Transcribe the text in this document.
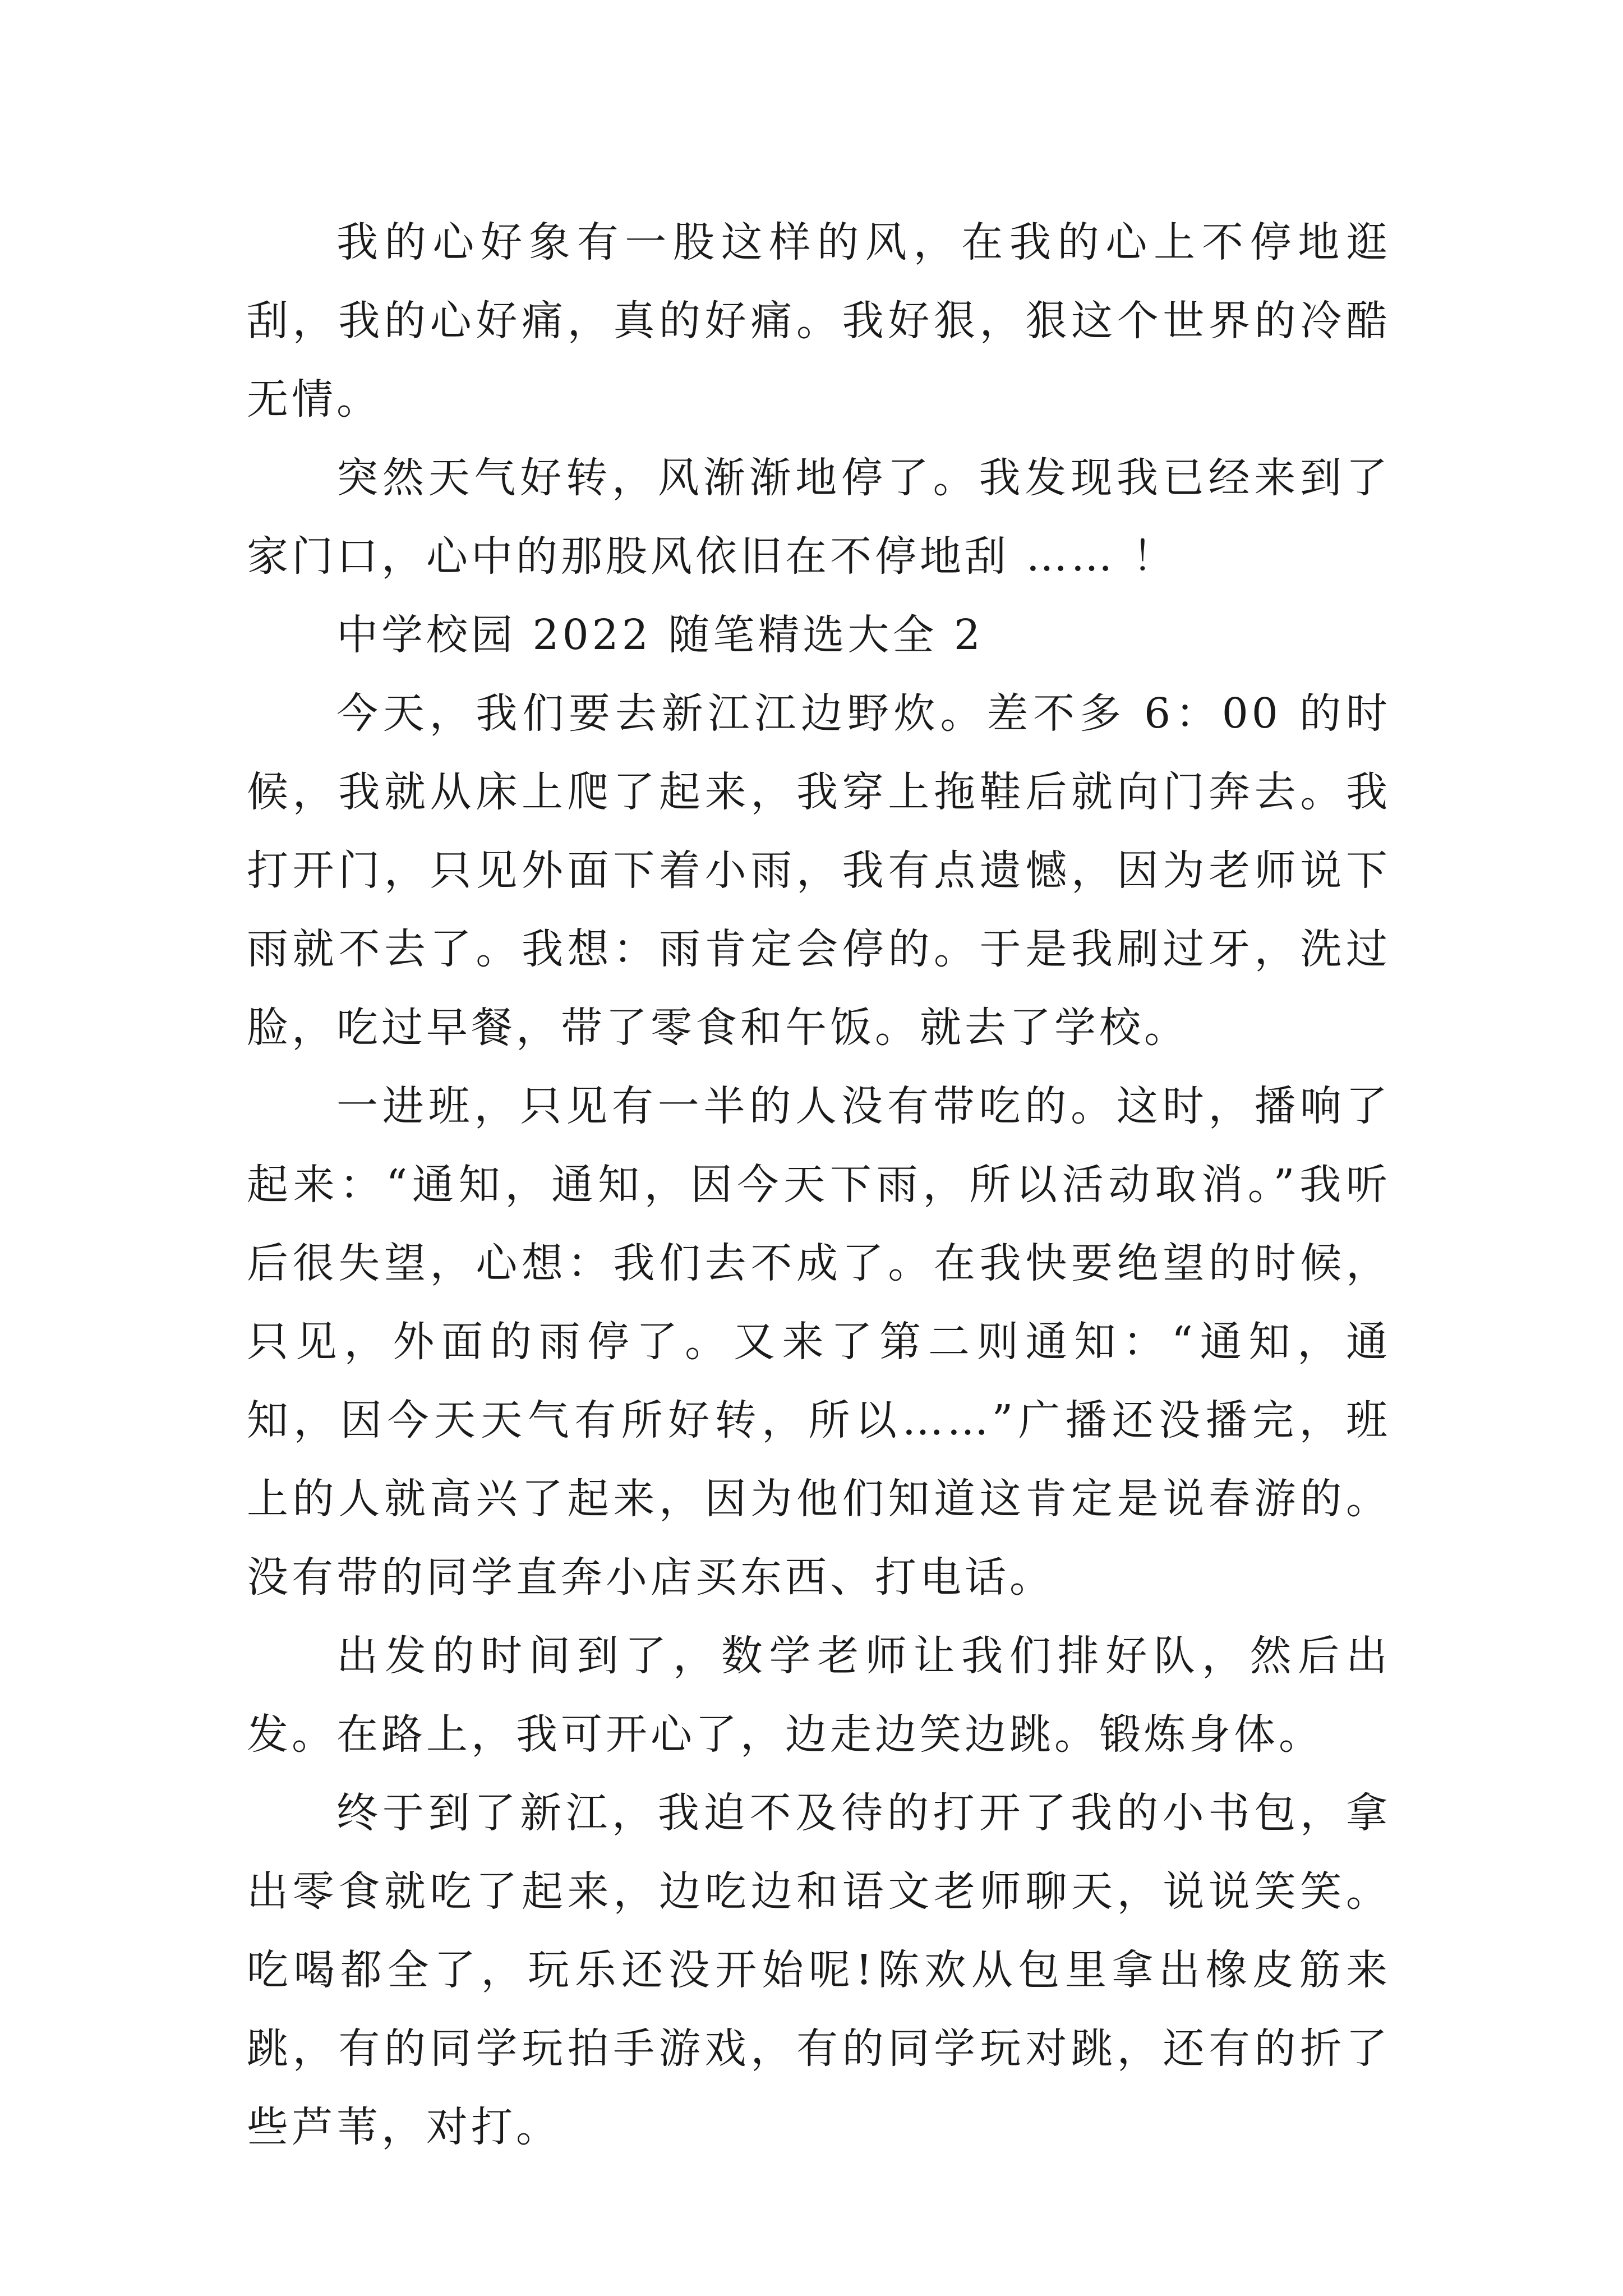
我的心好象有一股这样的风，在我的心上不停地逛刮，我的心好痛，真的好痛。我好狠，狠这个世界的冷酷无情。

突然天气好转，风渐渐地停了。我发现我已经来到了家门口，心中的那股风依旧在不停地刮 …… ！

中学校园 2022 随笔精选大全 2

今天，我们要去新江江边野炊。差不多 6：00 的时候，我就从床上爬了起来，我穿上拖鞋后就向门奔去。我打开门，只见外面下着小雨，我有点遗憾，因为老师说下雨就不去了。我想：雨肯定会停的。于是我刷过牙，洗过脸，吃过早餐，带了零食和午饭。就去了学校。

一进班，只见有一半的人没有带吃的。这时，播响了起来：“通知，通知，因今天下雨，所以活动取消。”我听后很失望，心想：我们去不成了。在我快要绝望的时候，只见，外面的雨停了。又来了第二则通知：“通知，通知，因今天天气有所好转，所以……”广播还没播完，班上的人就高兴了起来，因为他们知道这肯定是说春游的。没有带的同学直奔小店买东西、打电话。

出发的时间到了，数学老师让我们排好队，然后出发。在路上，我可开心了，边走边笑边跳。锻炼身体。

终于到了新江，我迫不及待的打开了我的小书包，拿出零食就吃了起来，边吃边和语文老师聊天，说说笑笑。吃喝都全了，玩乐还没开始呢!陈欢从包里拿出橡皮筋来跳，有的同学玩拍手游戏，有的同学玩对跳，还有的折了些芦苇，对打。
